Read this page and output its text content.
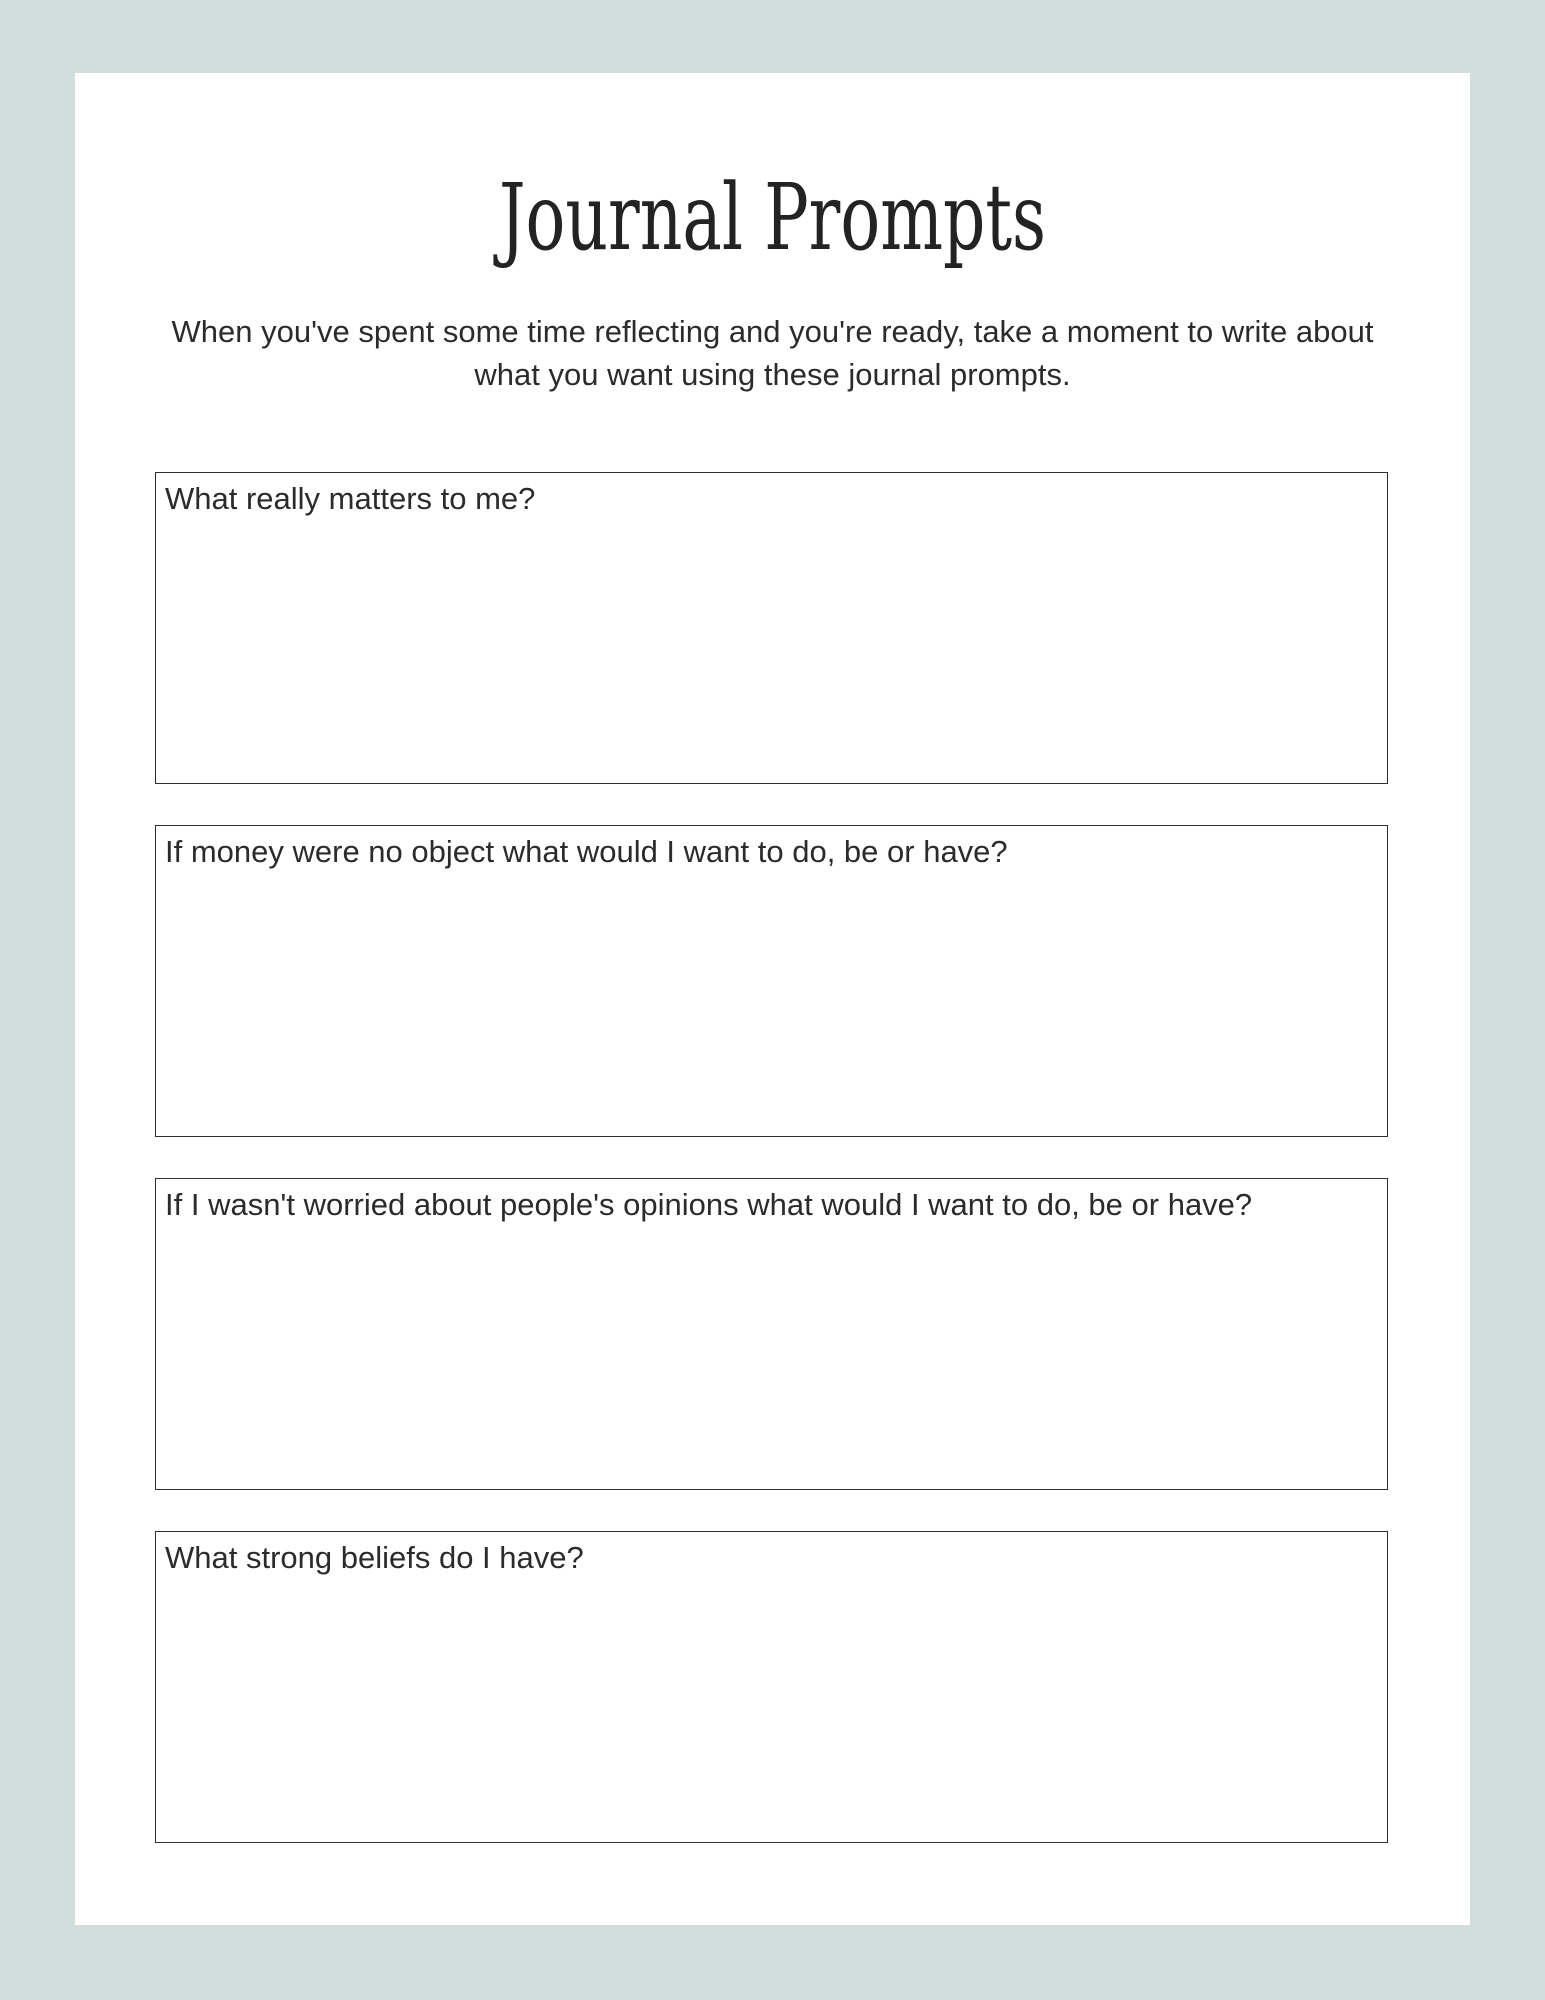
Journal Prompts

When you've spent some time reflecting and you're ready, take a moment to write about what you want using these journal prompts.

What really matters to me?
If money were no object what would I want to do, be or have?
If I wasn't worried about people's opinions what would I want to do, be or have?
What strong beliefs do I have?
